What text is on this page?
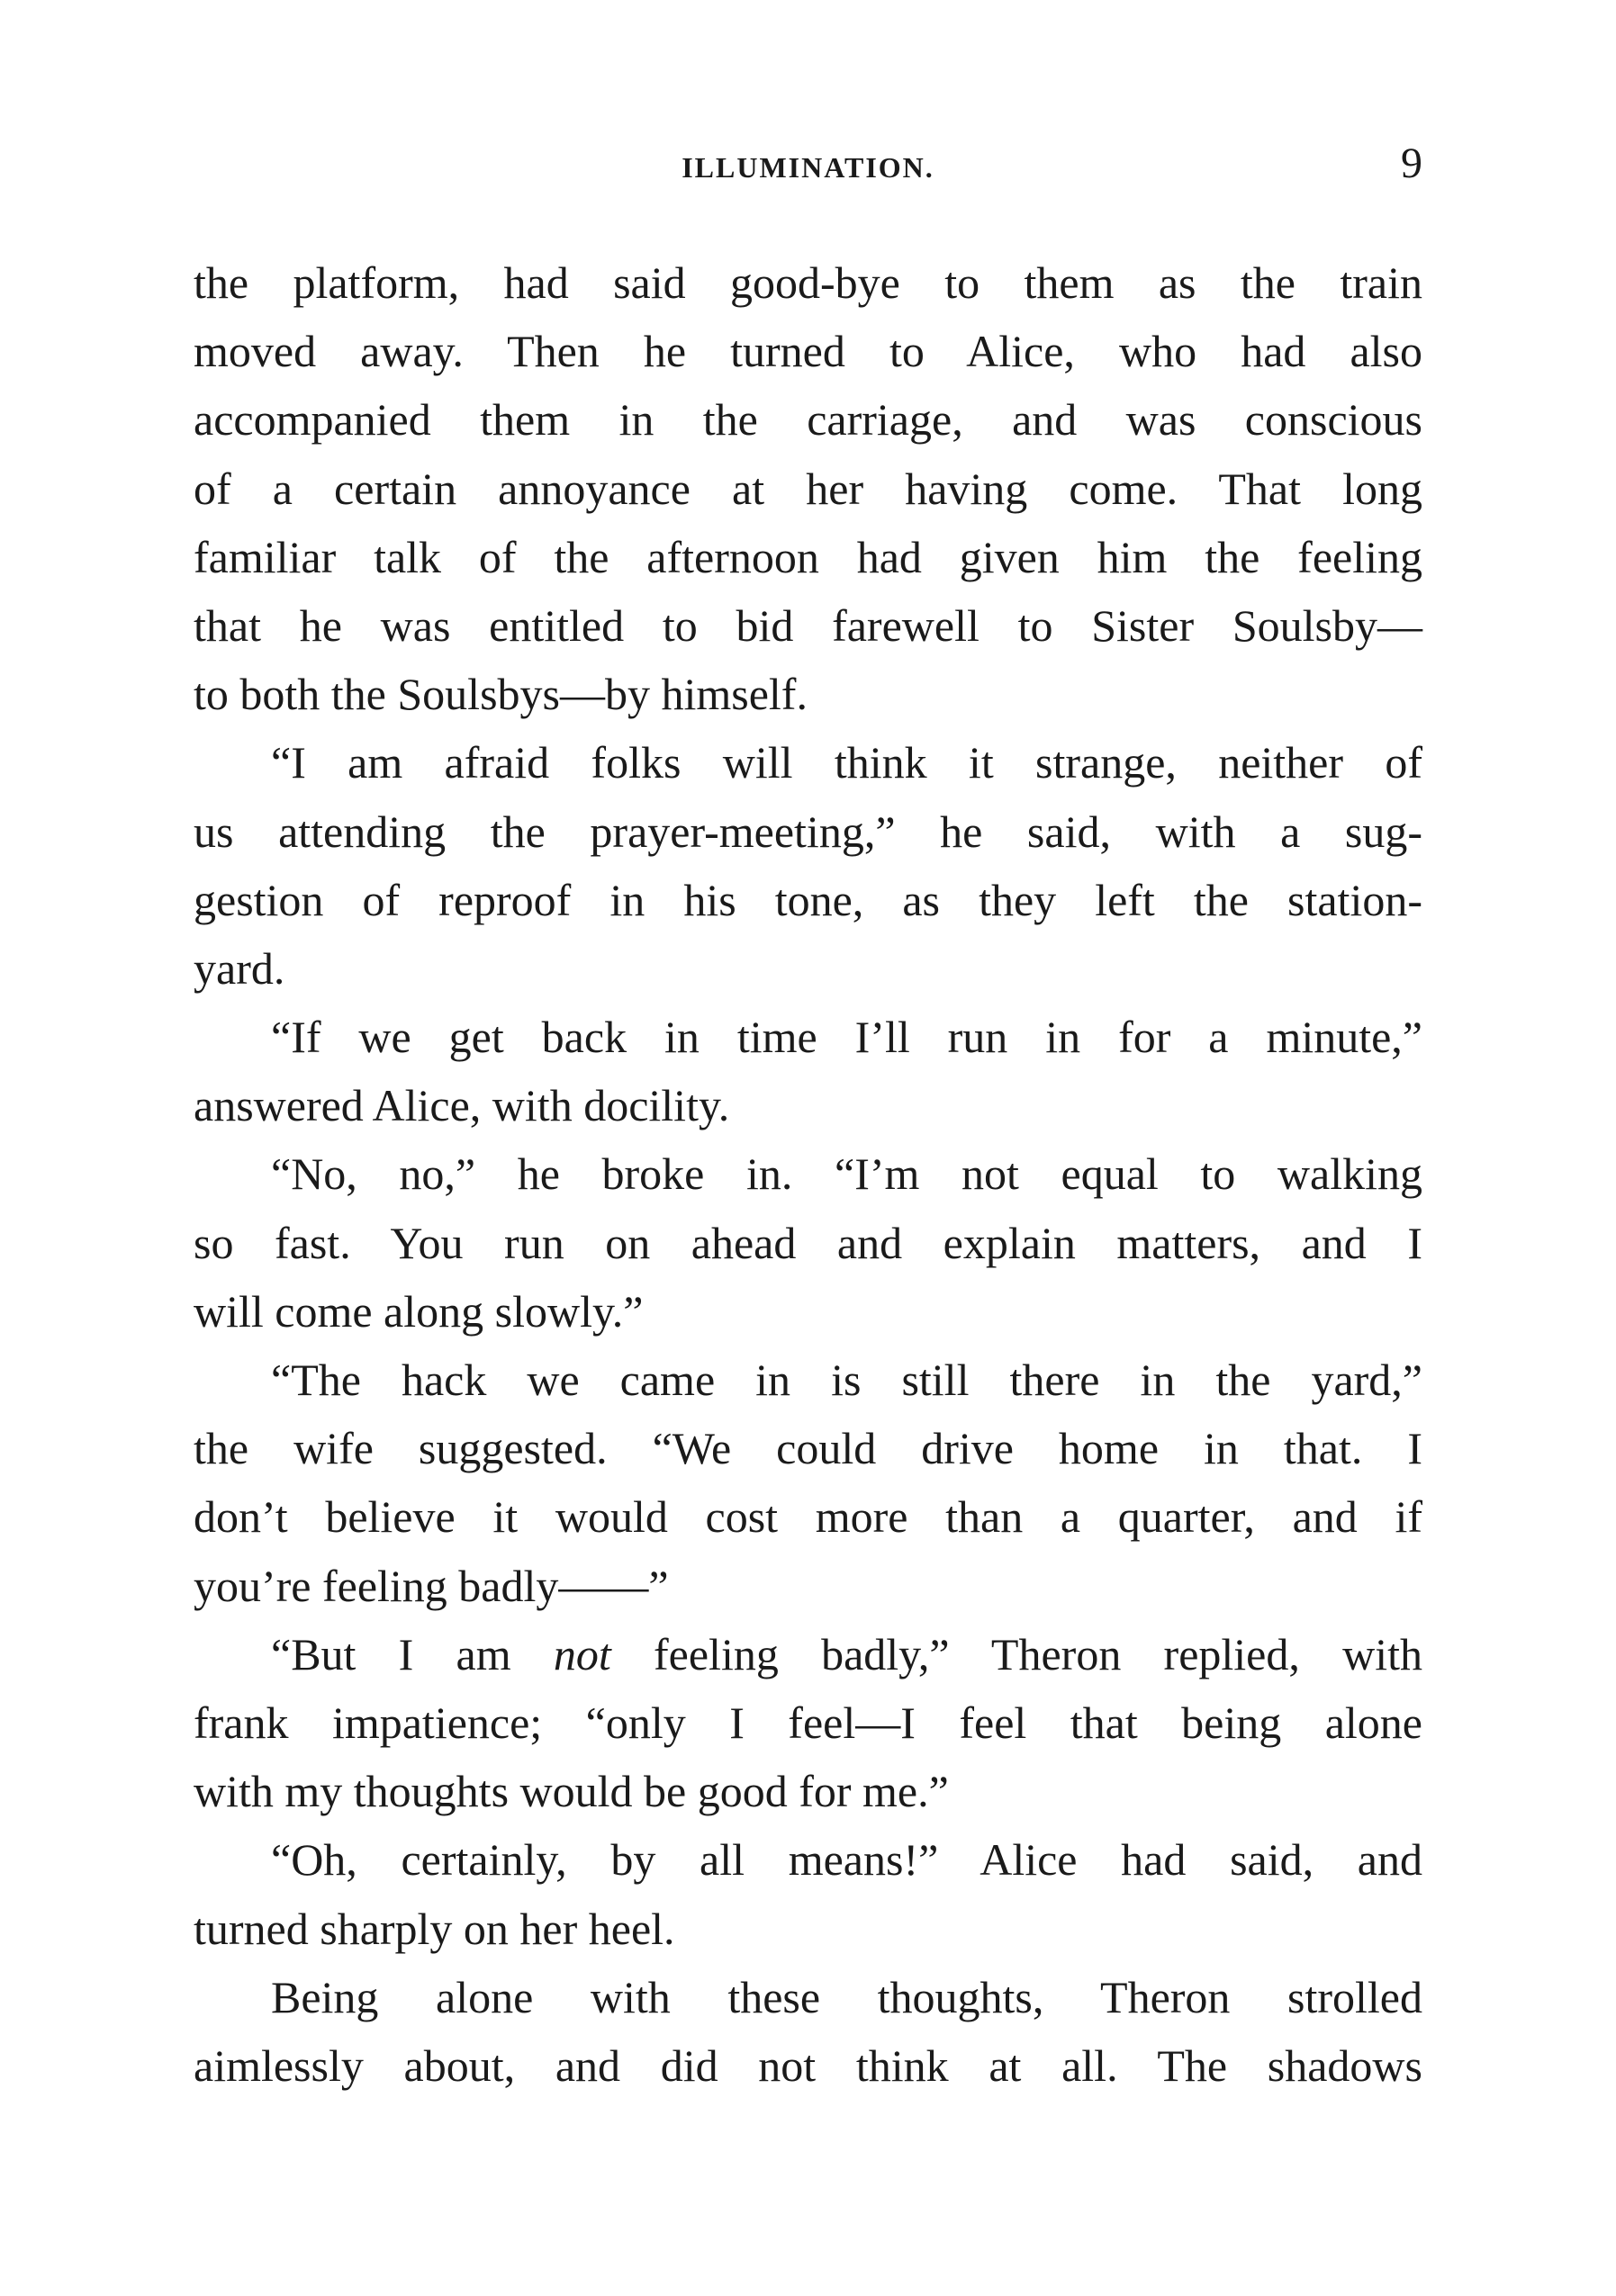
ILLUMINATION.	9
the platform, had said good-bye to them as the train
moved away. Then he turned to Alice, who had also
accompanied them in the carriage, and was conscious
of a certain annoyance at her having come. That long
familiar talk of the afternoon had given him the feeling
that he was entitled to bid farewell to Sister Soulsby—
to both the Soulsbys—by himself.
“I am afraid folks will think it strange, neither of
us attending the prayer-meeting,” he said, with a sug-
gestion of reproof in his tone, as they left the station-
yard.
“If we get back in time I’ll run in for a minute,”
answered Alice, with docility.
“No, no,” he broke in. “I’m not equal to walking
so fast. You run on ahead and explain matters, and I
will come along slowly.”
“The hack we came in is still there in the yard,”
the wife suggested. “We could drive home in that. I
don’t believe it would cost more than a quarter, and if
you’re feeling badly——”
“But I am not feeling badly,” Theron replied, with
frank impatience; “only I feel—I feel that being alone
with my thoughts would be good for me.”
“Oh, certainly, by all means!” Alice had said, and
turned sharply on her heel.
Being alone with these thoughts, Theron strolled
aimlessly about, and did not think at all. The shadows
